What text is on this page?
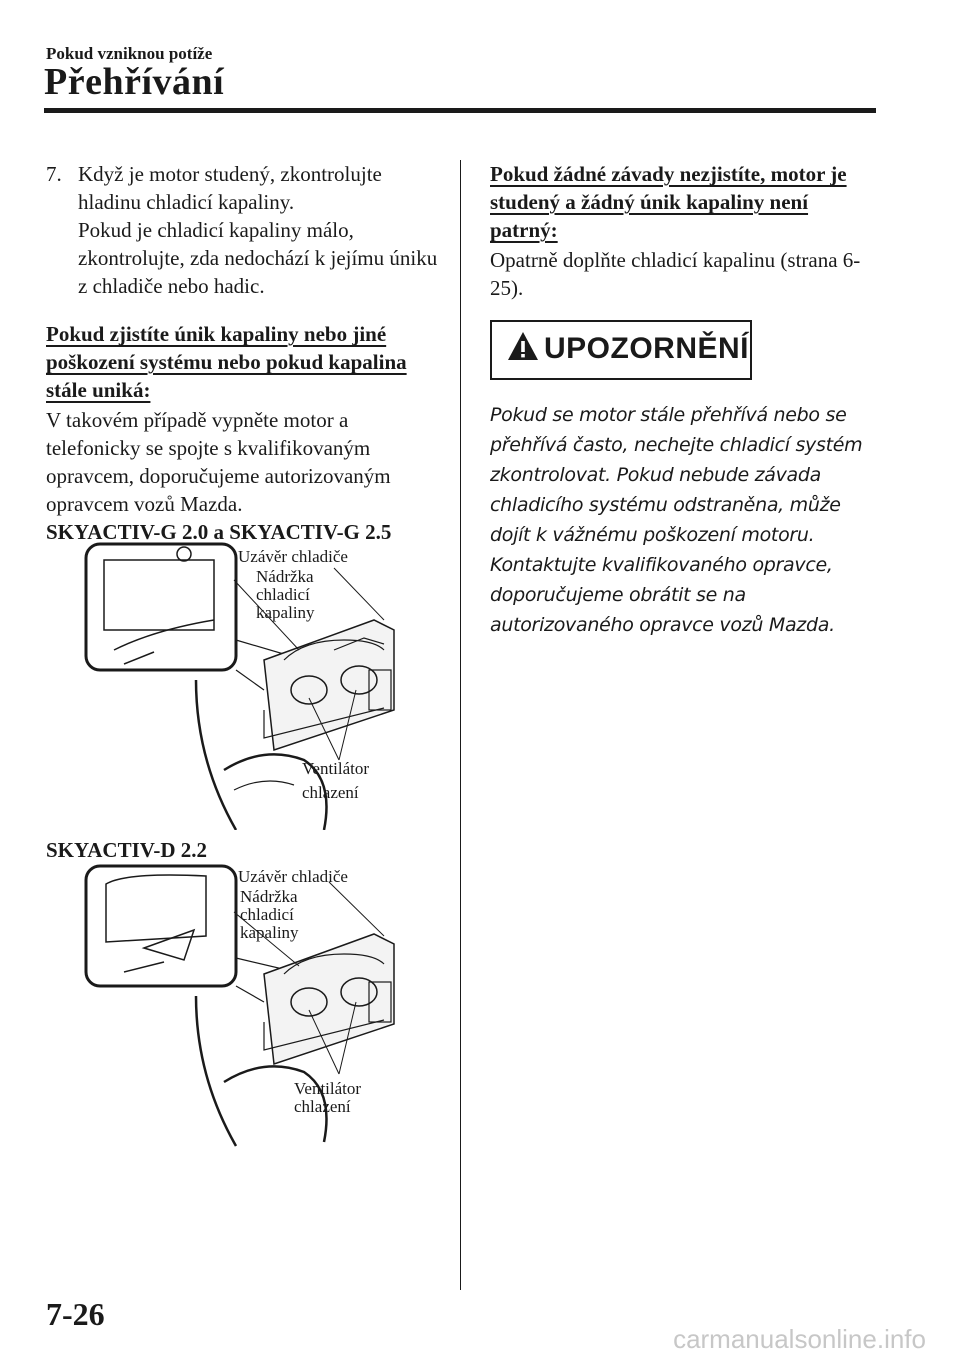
Pokud vzniknou potíže
Přehřívání
7. Když je motor studený, zkontrolujte hladinu chladicí kapaliny.

Pokud je chladicí kapaliny málo, zkontrolujte, zda nedochází k jejímu úniku z chladiče nebo hadic.

Pokud zjistíte únik kapaliny nebo jiné poškození systému nebo pokud kapalina stále uniká:

V takovém případě vypněte motor a telefonicky se spojte s kvalifikovaným opravcem, doporučujeme autorizovaným opravcem vozů Mazda.

SKYACTIV-G 2.0 a SKYACTIV-G 2.5

Uzávěr chladiče
Nádržka chladicí kapaliny
Ventilátor
chlazení
SKYACTIV-D 2.2
Uzávěr chladiče
Nádržka chladicí kapaliny
Ventilátor
chlazení

Pokud žádné závady nezjistíte, motor je studený a žádný únik kapaliny není patrný:

Opatrně doplňte chladicí kapalinu (strana 6-25).

UPOZORNĚNÍ

Pokud se motor stále přehřívá nebo se přehřívá často, nechejte chladicí systém zkontrolovat. Pokud nebude závada chladicího systému odstraněna, může dojít k vážnému poškození motoru. Kontaktujte kvalifikovaného opravce, doporučujeme obrátit se na autorizovaného opravce vozů Mazda.

7-26
carmanualsonline.info
